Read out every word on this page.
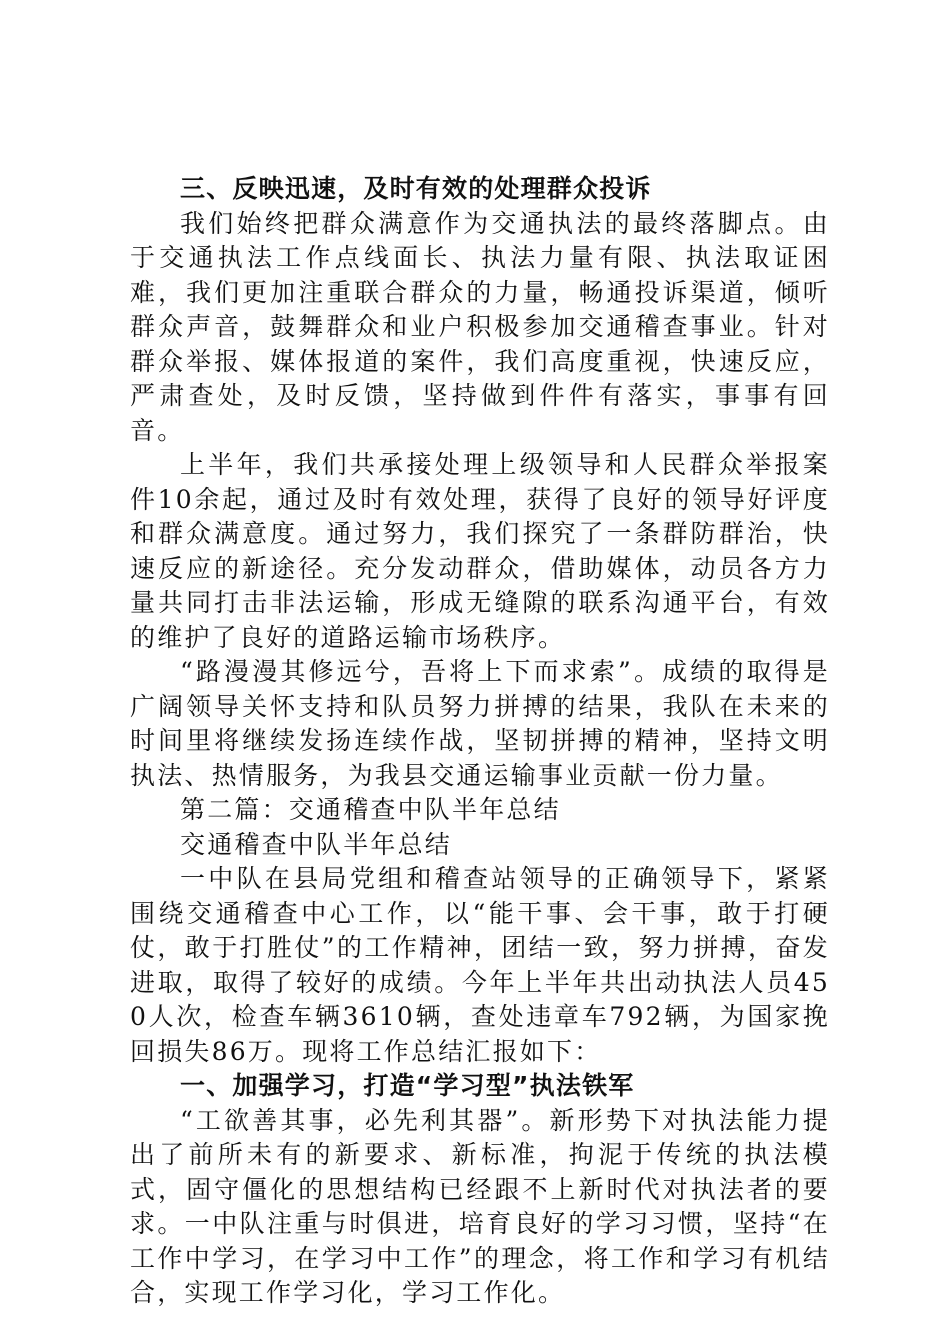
三、反映迅速，及时有效的处理群众投诉

我们始终把群众满意作为交通执法的最终落脚点。由于交通执法工作点线面长、执法力量有限、执法取证困难，我们更加注重联合群众的力量，畅通投诉渠道，倾听群众声音，鼓舞群众和业户积极参加交通稽查事业。针对群众举报、媒体报道的案件，我们高度重视，快速反应，严肃查处，及时反馈，坚持做到件件有落实，事事有回音。

上半年，我们共承接处理上级领导和人民群众举报案件10余起，通过及时有效处理，获得了良好的领导好评度和群众满意度。通过努力，我们探究了一条群防群治，快速反应的新途径。充分发动群众，借助媒体，动员各方力量共同打击非法运输，形成无缝隙的联系沟通平台，有效的维护了良好的道路运输市场秩序。

“路漫漫其修远兮，吾将上下而求索”。成绩的取得是广阔领导关怀支持和队员努力拼搏的结果，我队在未来的时间里将继续发扬连续作战，坚韧拼搏的精神，坚持文明执法、热情服务，为我县交通运输事业贡献一份力量。

第二篇：交通稽查中队半年总结

交通稽查中队半年总结

一中队在县局党组和稽查站领导的正确领导下，紧紧围绕交通稽查中心工作，以“能干事、会干事，敢于打硬仗，敢于打胜仗”的工作精神，团结一致，努力拼搏，奋发进取，取得了较好的成绩。今年上半年共出动执法人员450人次，检查车辆3610辆，查处违章车792辆，为国家挽回损失86万。现将工作总结汇报如下：

一、加强学习，打造“学习型”执法铁军

“工欲善其事，必先利其器”。新形势下对执法能力提出了前所未有的新要求、新标准，拘泥于传统的执法模式，固守僵化的思想结构已经跟不上新时代对执法者的要求。一中队注重与时俱进，培育良好的学习习惯，坚持“在工作中学习，在学习中工作”的理念，将工作和学习有机结合，实现工作学习化，学习工作化。
